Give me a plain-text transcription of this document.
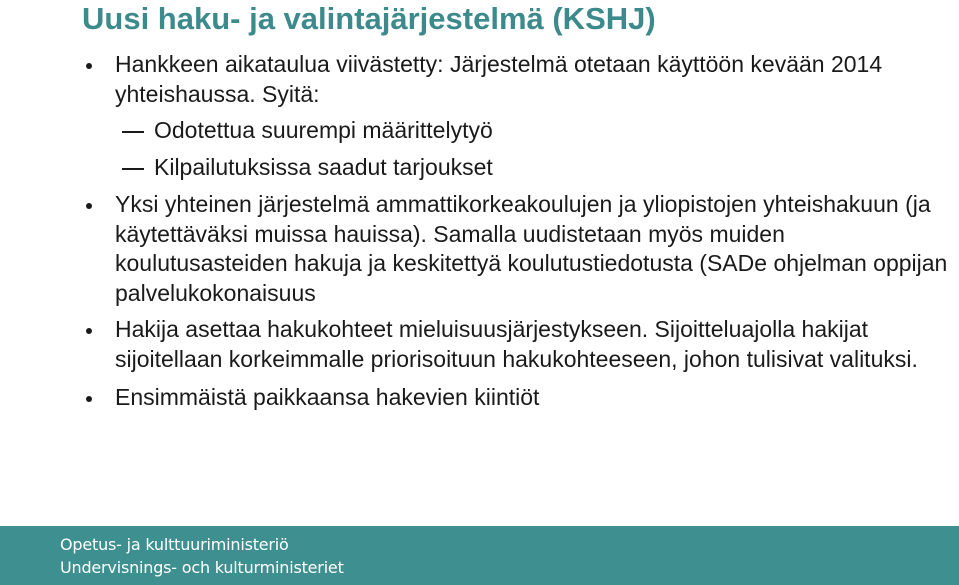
Uusi haku- ja valintajärjestelmä (KSHJ)
Hankkeen aikataulua viivästetty: Järjestelmä otetaan käyttöön kevään 2014 yhteishaussa. Syitä:
Odotettua suurempi määrittelytyö
Kilpailutuksissa saadut tarjoukset
Yksi yhteinen järjestelmä ammattikorkeakoulujen ja yliopistojen yhteishakuun (ja käytettäväksi muissa hauissa). Samalla uudistetaan myös muiden koulutusasteiden hakuja ja keskitettyä koulutustiedotusta (SADe ohjelman oppijan palvelukokonaisuus
Hakija asettaa hakukohteet mieluisuusjärjestykseen. Sijoitteluajolla hakijat sijoitellaan korkeimmalle priorisoituun hakukohteeseen, johon tulisivat valituksi.
Ensimmäistä paikkaansa hakevien kiintiöt
Opetus- ja kulttuuriministeriö
Undervisnings- och kulturministeriet
